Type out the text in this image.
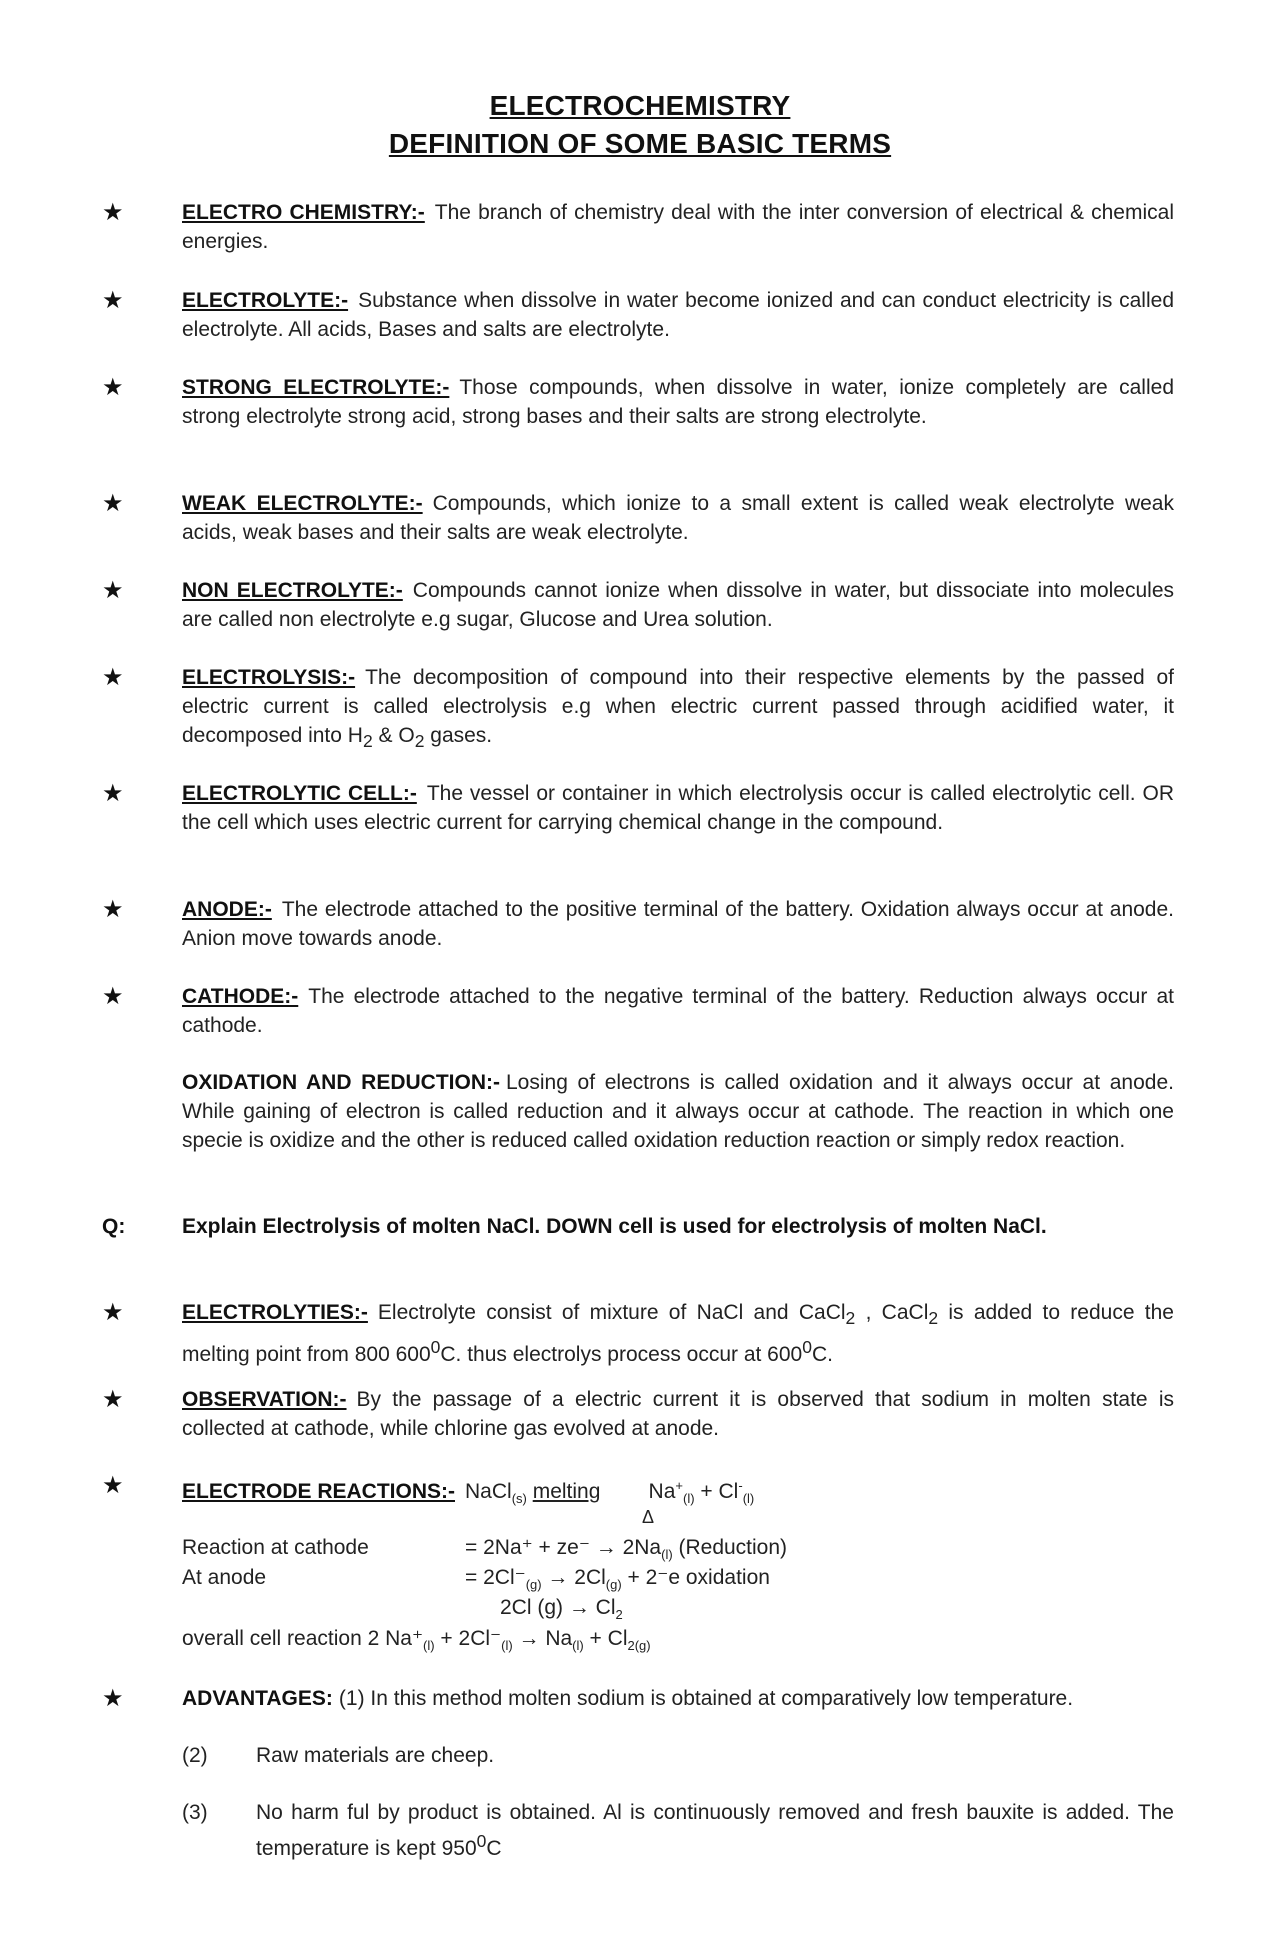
ELECTROCHEMISTRY
DEFINITION OF SOME BASIC TERMS
★	ELECTRO CHEMISTRY:- The branch of chemistry deal with the inter conversion of electrical & chemical energies.
★	ELECTROLYTE:- Substance when dissolve in water become ionized and can conduct electricity is called electrolyte. All acids, Bases and salts are electrolyte.
★	STRONG ELECTROLYTE:- Those compounds, when dissolve in water, ionize completely are called strong electrolyte strong acid, strong bases and their salts are strong electrolyte.
★	WEAK ELECTROLYTE:- Compounds, which ionize to a small extent is called weak electrolyte weak acids, weak bases and their salts are weak electrolyte.
★	NON ELECTROLYTE:- Compounds cannot ionize when dissolve in water, but dissociate into molecules are called non electrolyte e.g sugar, Glucose and Urea solution.
★	ELECTROLYSIS:- The decomposition of compound into their respective elements by the passed of electric current is called electrolysis e.g when electric current passed through acidified water, it decomposed into $H_2$ & $O_2$ gases.
★	ELECTROLYTIC CELL:- The vessel or container in which electrolysis occur is called electrolytic cell. OR the cell which uses electric current for carrying chemical change in the compound.
★	ANODE:- The electrode attached to the positive terminal of the battery. Oxidation always occur at anode. Anion move towards anode.
★	CATHODE:- The electrode attached to the negative terminal of the battery. Reduction always occur at cathode.
OXIDATION AND REDUCTION:- Losing of electrons is called oxidation and it always occur at anode. While gaining of electron is called reduction and it always occur at cathode. The reaction in which one specie is oxidize and the other is reduced called oxidation reduction reaction or simply redox reaction.
Q:	Explain Electrolysis of molten NaCl. DOWN cell is used for electrolysis of molten NaCl.
★	ELECTROLYTIES:- Electrolyte consist of mixture of NaCl and CaCl$_2$ , CaCl$_2$ is added to reduce the melting point from 800 $600^0C$. thus electrolys process occur at $600^0C$.
★	OBSERVATION:- By the passage of a electric current it is observed that sodium in molten state is collected at cathode, while chlorine gas evolved at anode.
★	ELECTRODE REACTIONS:- NaCl$_{(s)}$ melting $Na^+_{(l)} + Cl^-_{(l)}$
Δ
Reaction at cathode	= $2Na^+ + ze^- \to 2Na_{(l)}$ (Reduction)
At anode	= $2Cl^-_{(g)} \to 2Cl_{(g)} + 2^-e$ oxidation
2Cl $(g) \to Cl_2$
overall cell reaction 2 $Na^+_{(l)} + 2Cl^-_{(l)} \to Na_{(l)} + Cl_{2(g)}$
★	ADVANTAGES: (1) In this method molten sodium is obtained at comparatively low temperature.
(2) Raw materials are cheep.
(3) No harm ful by product is obtained. Al is continuously removed and fresh bauxite is added. The temperature is kept $950^0C$
